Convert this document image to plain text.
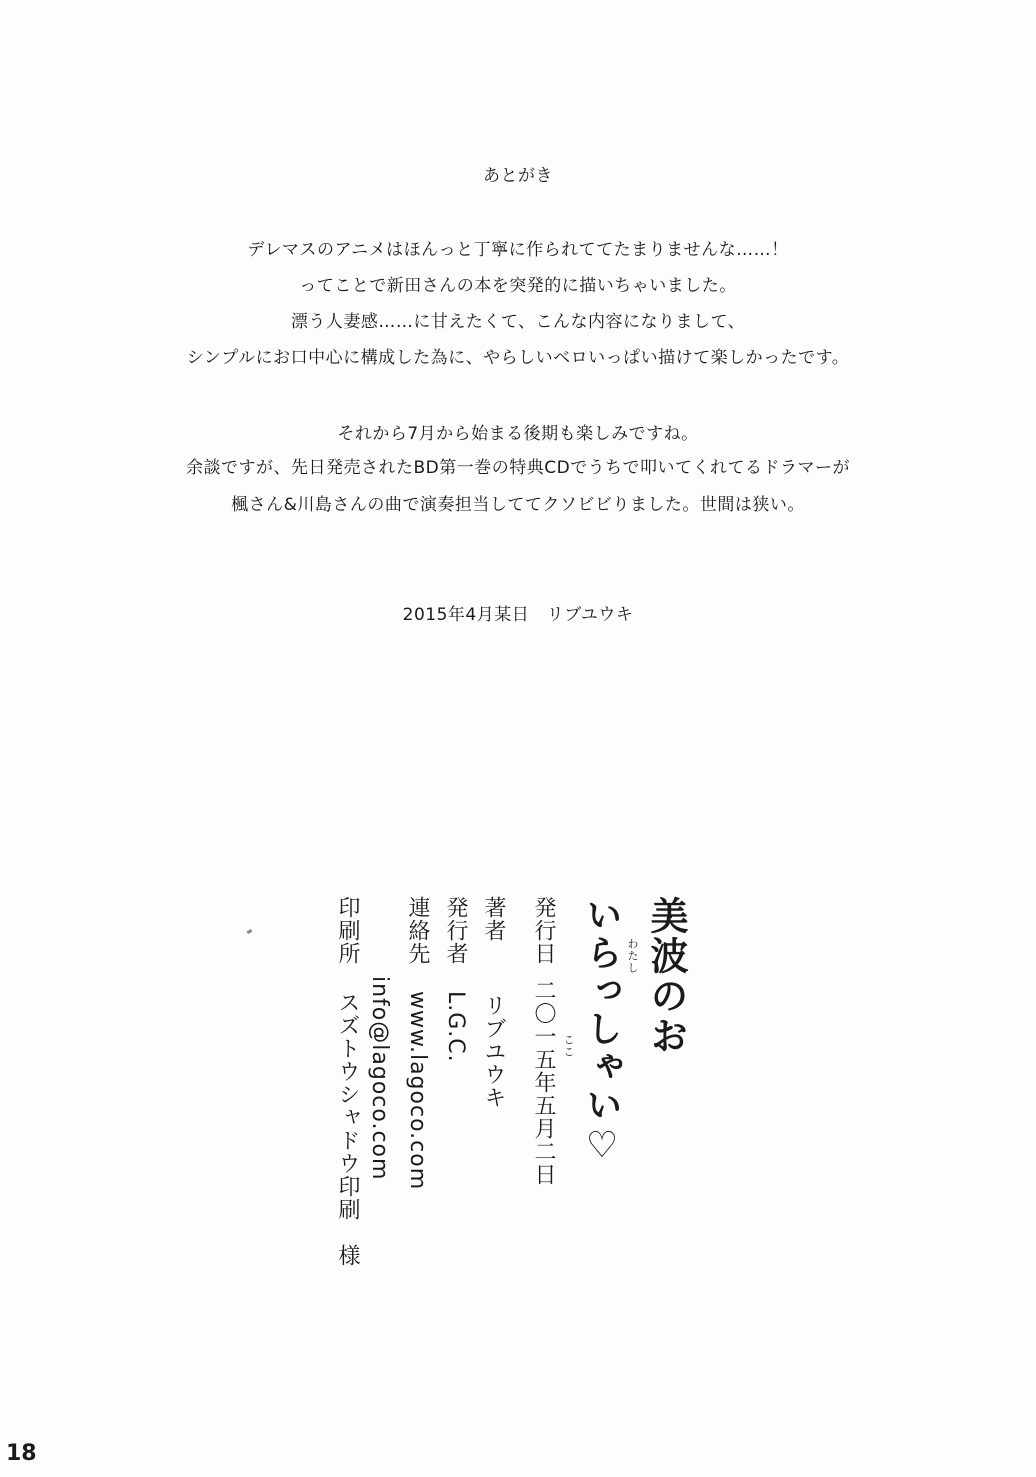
あとがき
デレマスのアニメはほんっと丁寧に作られててたまりませんな……！
ってことで新田さんの本を突発的に描いちゃいました。
漂う人妻感……に甘えたくて、こんな内容になりまして、
シンプルにお口中心に構成した為に、やらしいベロいっぱい描けて楽しかったです。
それから7月から始まる後期も楽しみですね。
余談ですが、先日発売されたBD第一巻の特典CDでうちで叩いてくれてるドラマーが
楓さん&川島さんの曲で演奏担当しててクソビビりました。世間は狭い。
2015年4月某日　リブユウキ
美波のお
わたし
いらっしゃい♡
ここ
発行日 二〇一五年五月二日
著者  リブユウキ
発行者  L.G.C.
連絡先  www.lagoco.com
info@lagoco.com
印刷所  スズトウシャドウ印刷　様
18
